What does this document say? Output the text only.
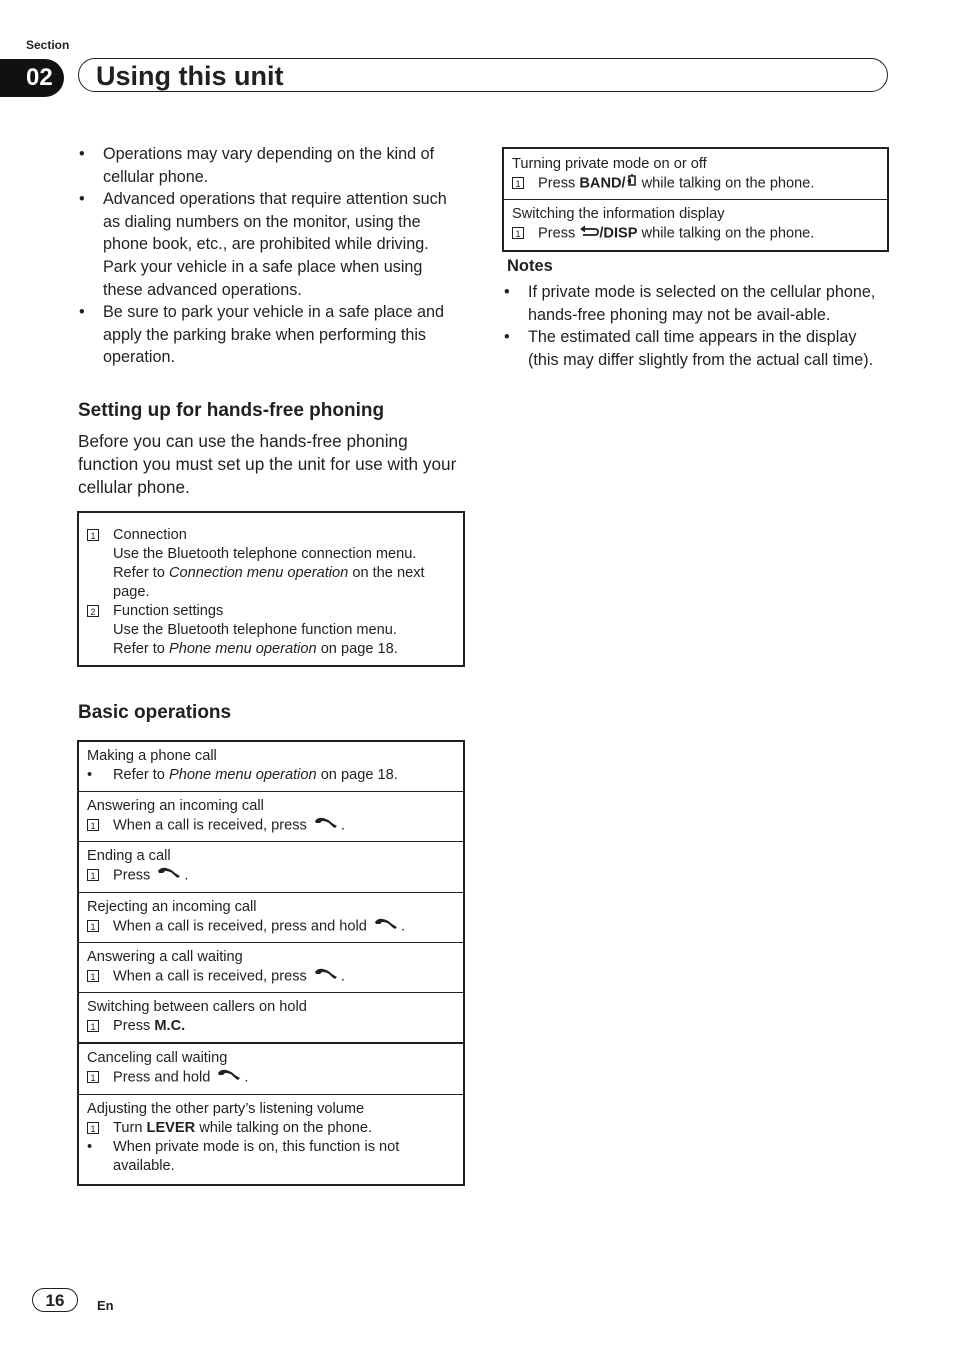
Section
02	Using this unit
• Operations may vary depending on the kind of cellular phone.
• Advanced operations that require attention such as dialing numbers on the monitor, using the phone book, etc., are prohibited while driving. Park your vehicle in a safe place when using these advanced operations.
• Be sure to park your vehicle in a safe place and apply the parking brake when performing this operation.
Setting up for hands-free phoning

Before you can use the hands-free phoning function you must set up the unit for use with your cellular phone.

1	Connection
Use the Bluetooth telephone connection menu.
Refer to Connection menu operation on the next page.
2	Function settings
Use the Bluetooth telephone function menu.
Refer to Phone menu operation on page 18.
Basic operations
Making a phone call
•	Refer to Phone menu operation on page 18.
Answering an incoming call
1	When a call is received, press .
Ending a call
1	Press .
Rejecting an incoming call
1	When a call is received, press and hold .
Answering a call waiting
1	When a call is received, press .
Switching between callers on hold
1	Press M.C.
Canceling call waiting
1	Press and hold .
Adjusting the other party’s listening volume
1	Turn LEVER while talking on the phone.
•	When private mode is on, this function is not available.
Turning private mode on or off
1	Press BAND/ while talking on the phone.
Switching the information display
1	Press /DISP while talking on the phone.
Notes
• If private mode is selected on the cellular phone, hands-free phoning may not be avail-able.
• The estimated call time appears in the display (this may differ slightly from the actual call time).
16	En
